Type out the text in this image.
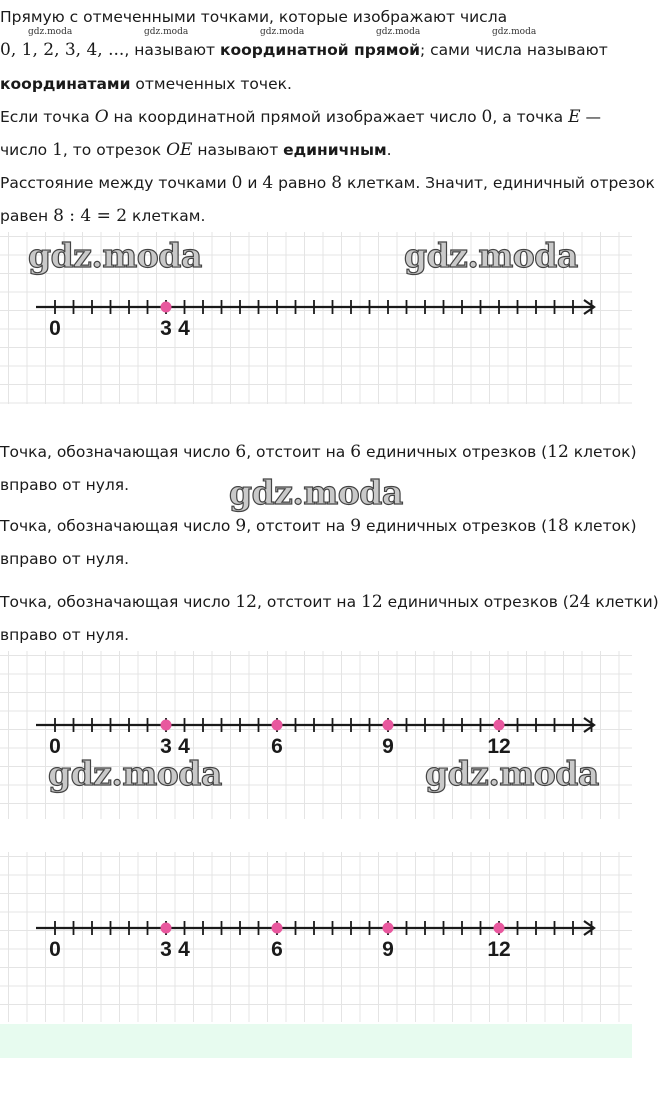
Прямую с отмеченными точками, которые изображают числа
gdz.moda	gdz.moda	gdz.moda	gdz.moda	gdz.moda
0, 1, 2, 3, 4, ..., называют координатной прямой; сами числа называют
координатами отмеченных точек.
Если точка O на координатной прямой изображает число 0, а точка E —
число 1, то отрезок OE называют единичным.
Расстояние между точками 0 и 4 равно 8 клеткам. Значит, единичный отрезок
равен 8 : 4 = 2 клеткам.
0	3 4
gdz.moda	gdz.moda
Точка, обозначающая число 6, отстоит на 6 единичных отрезков (12 клеток)
вправо от нуля.	gdz.moda
Точка, обозначающая число 9, отстоит на 9 единичных отрезков (18 клеток)
вправо от нуля.
Точка, обозначающая число 12, отстоит на 12 единичных отрезков (24 клетки)
вправо от нуля.
0	3 4	6	9	12
gdz.moda	gdz.moda
0	3 4	6	9	12
